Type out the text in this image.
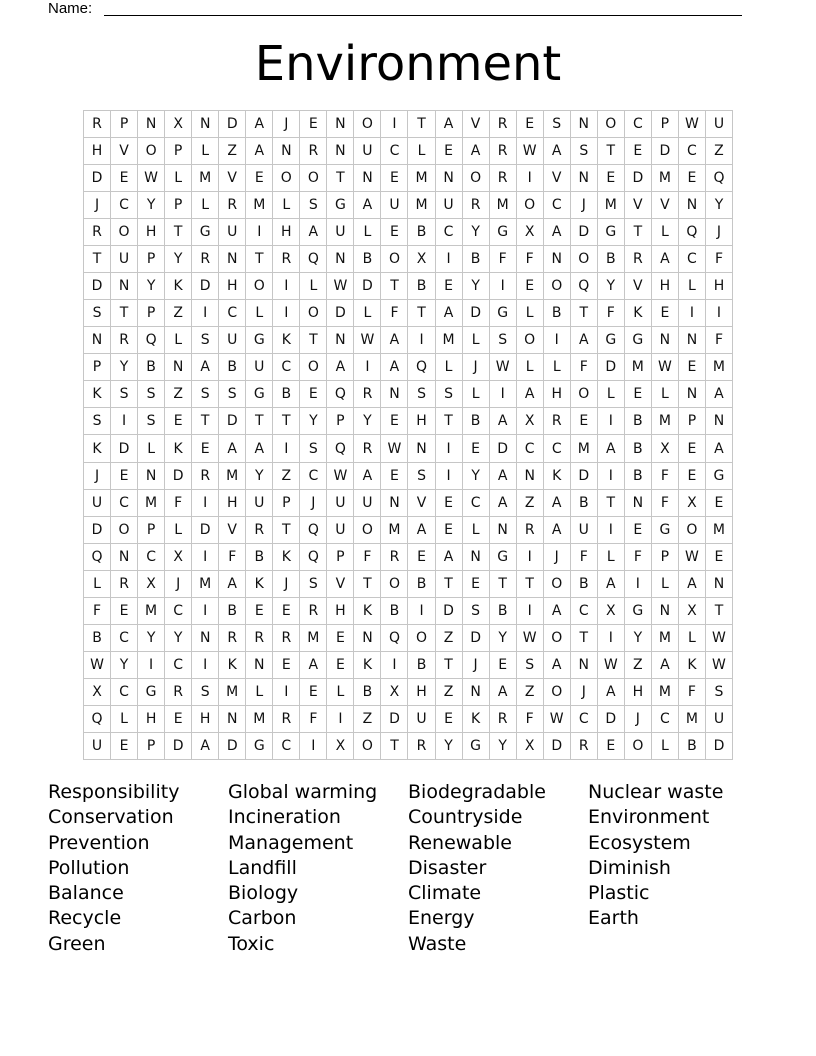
Name:
Environment
R	P	N	X	N	D	A	J	E	N	O	I	T	A	V	R	E	S	N	O	C	P	W	U
H	V	O	P	L	Z	A	N	R	N	U	C	L	E	A	R	W	A	S	T	E	D	C	Z
D	E	W	L	M	V	E	O	O	T	N	E	M	N	O	R	I	V	N	E	D	M	E	Q
J	C	Y	P	L	R	M	L	S	G	A	U	M	U	R	M	O	C	J	M	V	V	N	Y
R	O	H	T	G	U	I	H	A	U	L	E	B	C	Y	G	X	A	D	G	T	L	Q	J
T	U	P	Y	R	N	T	R	Q	N	B	O	X	I	B	F	F	N	O	B	R	A	C	F
D	N	Y	K	D	H	O	I	L	W	D	T	B	E	Y	I	E	O	Q	Y	V	H	L	H
S	T	P	Z	I	C	L	I	O	D	L	F	T	A	D	G	L	B	T	F	K	E	I	I
N	R	Q	L	S	U	G	K	T	N	W	A	I	M	L	S	O	I	A	G	G	N	N	F
P	Y	B	N	A	B	U	C	O	A	I	A	Q	L	J	W	L	L	F	D	M	W	E	M
K	S	S	Z	S	S	G	B	E	Q	R	N	S	S	L	I	A	H	O	L	E	L	N	A
S	I	S	E	T	D	T	T	Y	P	Y	E	H	T	B	A	X	R	E	I	B	M	P	N
K	D	L	K	E	A	A	I	S	Q	R	W	N	I	E	D	C	C	M	A	B	X	E	A
J	E	N	D	R	M	Y	Z	C	W	A	E	S	I	Y	A	N	K	D	I	B	F	E	G
U	C	M	F	I	H	U	P	J	U	U	N	V	E	C	A	Z	A	B	T	N	F	X	E
D	O	P	L	D	V	R	T	Q	U	O	M	A	E	L	N	R	A	U	I	E	G	O	M
Q	N	C	X	I	F	B	K	Q	P	F	R	E	A	N	G	I	J	F	L	F	P	W	E
L	R	X	J	M	A	K	J	S	V	T	O	B	T	E	T	T	O	B	A	I	L	A	N
F	E	M	C	I	B	E	E	R	H	K	B	I	D	S	B	I	A	C	X	G	N	X	T
B	C	Y	Y	N	R	R	R	M	E	N	Q	O	Z	D	Y	W	O	T	I	Y	M	L	W
W	Y	I	C	I	K	N	E	A	E	K	I	B	T	J	E	S	A	N	W	Z	A	K	W
X	C	G	R	S	M	L	I	E	L	B	X	H	Z	N	A	Z	O	J	A	H	M	F	S
Q	L	H	E	H	N	M	R	F	I	Z	D	U	E	K	R	F	W	C	D	J	C	M	U
U	E	P	D	A	D	G	C	I	X	O	T	R	Y	G	Y	X	D	R	E	O	L	B	D
Responsibility
Conservation
Prevention
Pollution
Balance
Recycle
Green
Global warming
Incineration
Management
Landfill
Biology
Carbon
Toxic
Biodegradable
Countryside
Renewable
Disaster
Climate
Energy
Waste
Nuclear waste
Environment
Ecosystem
Diminish
Plastic
Earth
